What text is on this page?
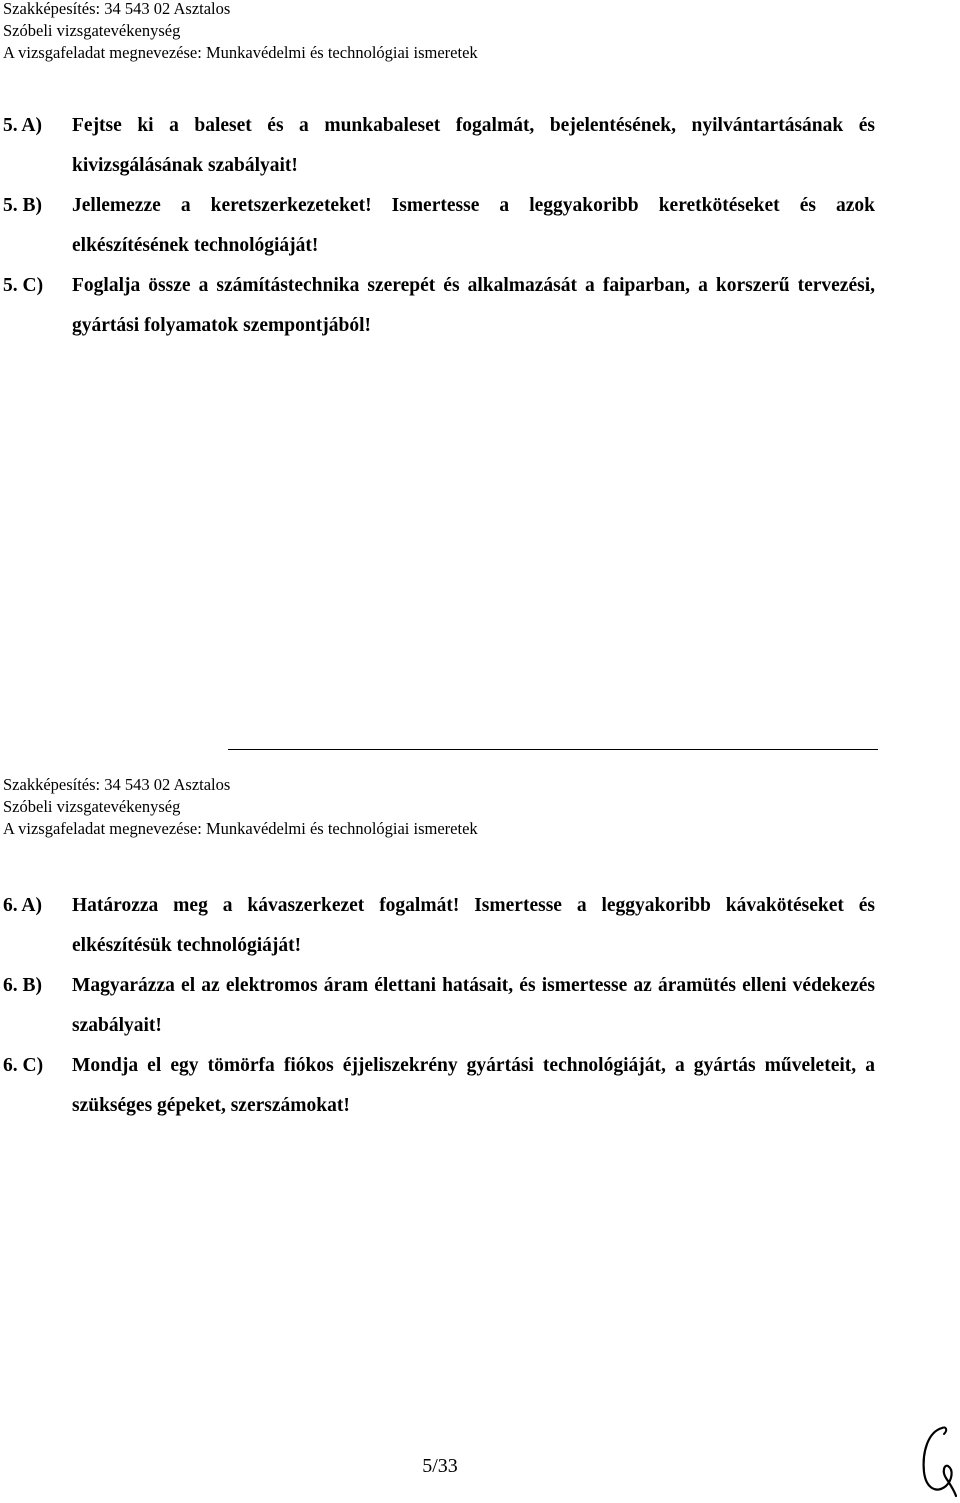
Szakképesítés: 34 543 02 Asztalos
Szóbeli vizsgatevékenység
A vizsgafeladat megnevezése: Munkavédelmi és technológiai ismeretek
5. A)	Fejtse ki a baleset és a munkabaleset fogalmát, bejelentésének, nyilvántartásának és kivizsgálásának szabályait!
5. B)	Jellemezze a keretszerkezeteket! Ismertesse a leggyakoribb keretkötéseket és azok elkészítésének technológiáját!
5. C)	Foglalja össze a számítástechnika szerepét és alkalmazását a faiparban, a korszerű tervezési, gyártási folyamatok szempontjából!
Szakképesítés: 34 543 02 Asztalos
Szóbeli vizsgatevékenység
A vizsgafeladat megnevezése: Munkavédelmi és technológiai ismeretek
6. A)	Határozza meg a kávaszerkezet fogalmát! Ismertesse a leggyakoribb kávakötéseket és elkészítésük technológiáját!
6. B)	Magyarázza el az elektromos áram élettani hatásait, és ismertesse az áramütés elleni védekezés szabályait!
6. C)	Mondja el egy tömörfa fiókos éjjeliszekrény gyártási technológiáját, a gyártás műveleteit, a szükséges gépeket, szerszámokat!
5/33
